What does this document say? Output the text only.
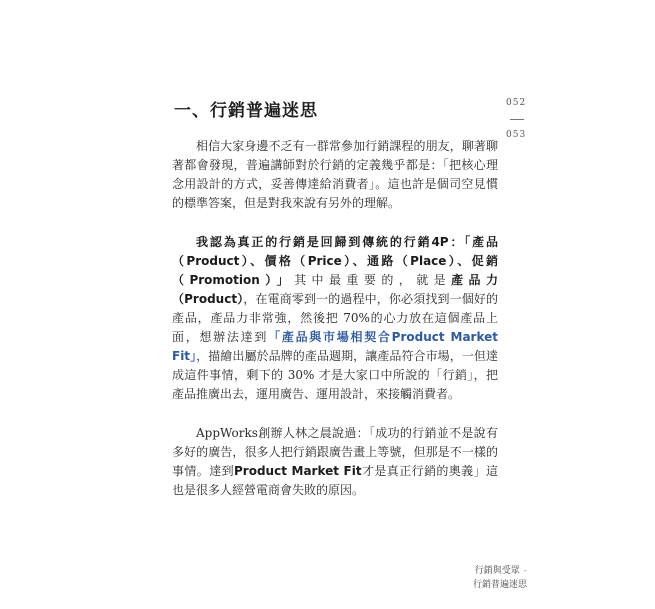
一、行銷普遍迷思	052
053

相信大家身邊不乏有一群常參加行銷課程的朋友，聊著聊著都會發現，普遍講師對於行銷的定義幾乎都是：「把核心理念用設計的方式，妥善傳達給消費者」。這也許是個司空見慣的標準答案，但是對我來說有另外的理解。

我認為真正的行銷是回歸到傳統的行銷4P：「產品（Product）、價格（Price）、通路（Place）、促銷（Promotion）」其中最重要的，就是產品力（Product），在電商零到一的過程中，你必須找到一個好的產品，產品力非常強，然後把 70%的心力放在這個產品上面，想辦法達到「產品與市場相契合Product Market Fit」，描繪出屬於品牌的產品週期，讓產品符合市場，一但達成這件事情，剩下的 30% 才是大家口中所說的「行銷」，把產品推廣出去，運用廣告、運用設計，來接觸消費者。

AppWorks創辦人林之晨說過：「成功的行銷並不是說有多好的廣告，很多人把行銷跟廣告畫上等號，但那是不一樣的事情。達到Product Market Fit才是真正行銷的奧義」這也是很多人經營電商會失敗的原因。

行銷與受眾 -
行銷普遍迷思
